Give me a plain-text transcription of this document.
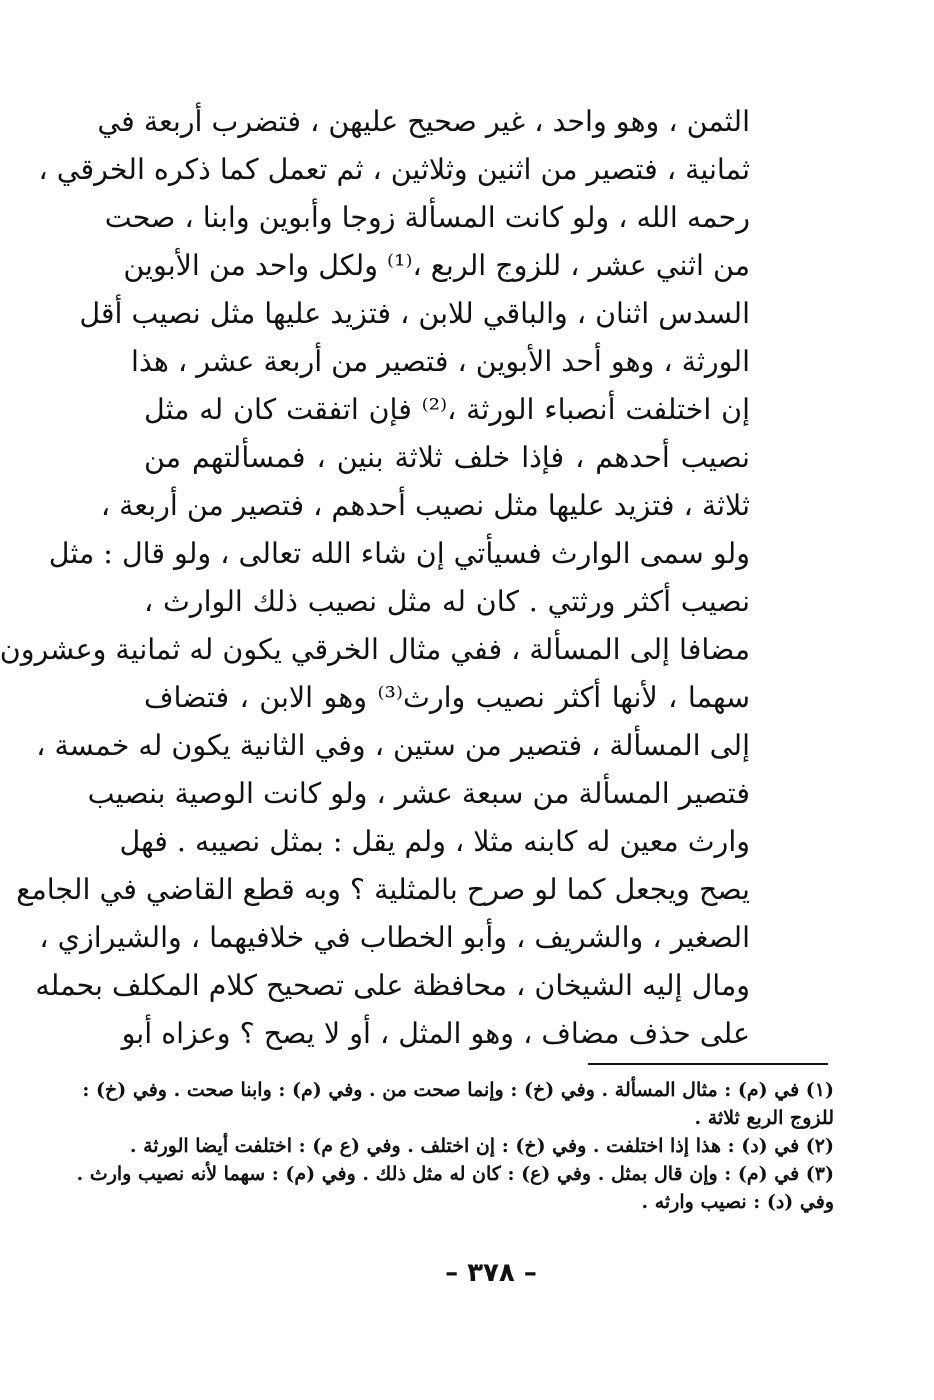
الثمن ، وهو واحد ، غير صحيح عليهن ، فتضرب أربعة في
ثمانية ، فتصير من اثنين وثلاثين ، ثم تعمل كما ذكره الخرقي ،
رحمه الله ، ولو كانت المسألة زوجا وأبوين وابنا ، صحت
من اثني عشر ، للزوج الربع ،⁽¹⁾ ولكل واحد من الأبوين
السدس اثنان ، والباقي للابن ، فتزيد عليها مثل نصيب أقل
الورثة ، وهو أحد الأبوين ، فتصير من أربعة عشر ، هذا
إن اختلفت أنصباء الورثة ،⁽²⁾ فإن اتفقت كان له مثل
نصيب أحدهم ، فإذا خلف ثلاثة بنين ، فمسألتهم من
ثلاثة ، فتزيد عليها مثل نصيب أحدهم ، فتصير من أربعة ،
ولو سمى الوارث فسيأتي إن شاء الله تعالى ، ولو قال : مثل
نصيب أكثر ورثتي . كان له مثل نصيب ذلك الوارث ،
مضافا إلى المسألة ، ففي مثال الخرقي يكون له ثمانية وعشرون
سهما ، لأنها أكثر نصيب وارث⁽³⁾ وهو الابن ، فتضاف
إلى المسألة ، فتصير من ستين ، وفي الثانية يكون له خمسة ،
فتصير المسألة من سبعة عشر ، ولو كانت الوصية بنصيب
وارث معين له كابنه مثلا ، ولم يقل : بمثل نصيبه . فهل
يصح ويجعل كما لو صرح بالمثلية ؟ وبه قطع القاضي في الجامع
الصغير ، والشريف ، وأبو الخطاب في خلافيهما ، والشيرازي ،
ومال إليه الشيخان ، محافظة على تصحيح كلام المكلف بحمله
على حذف مضاف ، وهو المثل ، أو لا يصح ؟ وعزاه أبو
(١) في (م) : مثال المسألة . وفي (خ) : وإنما صحت من . وفي (م) : وابنا صحت . وفي (خ) :
للزوج الربع ثلاثة .
(٢) في (د) : هذا إذا اختلفت . وفي (خ) : إن اختلف . وفي (ع م) : اختلفت أيضا الورثة .
(٣) في (م) : وإن قال بمثل . وفي (ع) : كان له مثل ذلك . وفي (م) : سهما لأنه نصيب وارث .
وفي (د) : نصيب وارثه .
– ٣٧٨ –
